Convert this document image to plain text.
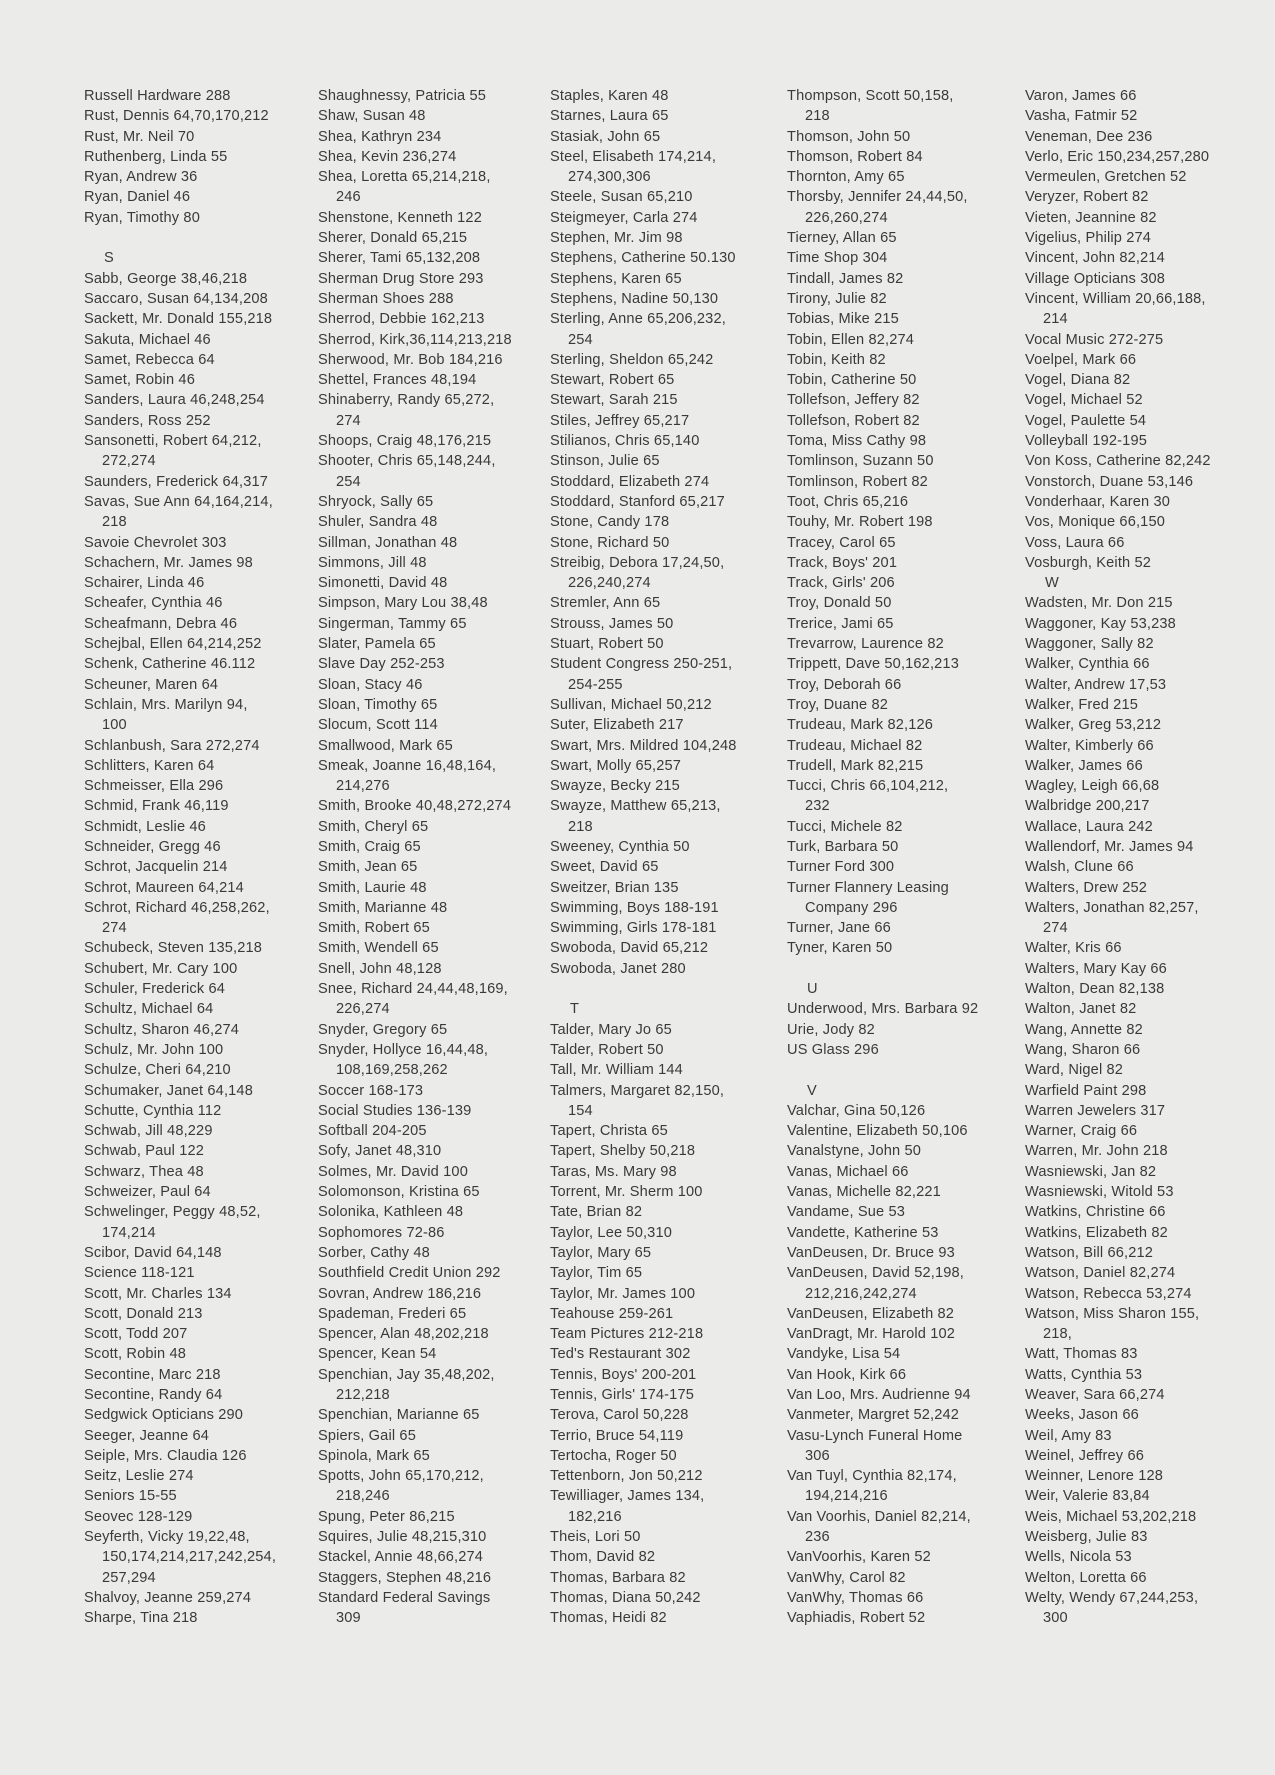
Russell Hardware 288
Rust, Dennis 64,70,170,212
Rust, Mr. Neil 70
Ruthenberg, Linda 55
Ryan, Andrew 36
Ryan, Daniel 46
Ryan, Timothy 80
S
Sabb, George 38,46,218
Saccaro, Susan 64,134,208
Sackett, Mr. Donald 155,218
Sakuta, Michael 46
Samet, Rebecca 64
Samet, Robin 46
Sanders, Laura 46,248,254
Sanders, Ross 252
Sansonetti, Robert 64,212,
272,274
Saunders, Frederick 64,317
Savas, Sue Ann 64,164,214,
218
Savoie Chevrolet 303
Schachern, Mr. James 98
Schairer, Linda 46
Scheafer, Cynthia 46
Scheafmann, Debra 46
Schejbal, Ellen 64,214,252
Schenk, Catherine 46.112
Scheuner, Maren 64
Schlain, Mrs. Marilyn 94,
100
Schlanbush, Sara 272,274
Schlitters, Karen 64
Schmeisser, Ella 296
Schmid, Frank 46,119
Schmidt, Leslie 46
Schneider, Gregg 46
Schrot, Jacquelin 214
Schrot, Maureen 64,214
Schrot, Richard 46,258,262,
274
Schubeck, Steven 135,218
Schubert, Mr. Cary 100
Schuler, Frederick 64
Schultz, Michael 64
Schultz, Sharon 46,274
Schulz, Mr. John 100
Schulze, Cheri 64,210
Schumaker, Janet 64,148
Schutte, Cynthia 112
Schwab, Jill 48,229
Schwab, Paul 122
Schwarz, Thea 48
Schweizer, Paul 64
Schwelinger, Peggy 48,52,
174,214
Scibor, David 64,148
Science 118-121
Scott, Mr. Charles 134
Scott, Donald 213
Scott, Todd 207
Scott, Robin 48
Secontine, Marc 218
Secontine, Randy 64
Sedgwick Opticians 290
Seeger, Jeanne 64
Seiple, Mrs. Claudia 126
Seitz, Leslie 274
Seniors 15-55
Seovec 128-129
Seyferth, Vicky 19,22,48,
150,174,214,217,242,254,
257,294
Shalvoy, Jeanne 259,274
Sharpe, Tina 218
Shaughnessy, Patricia 55
Shaw, Susan 48
Shea, Kathryn 234
Shea, Kevin 236,274
Shea, Loretta 65,214,218,
246
Shenstone, Kenneth 122
Sherer, Donald 65,215
Sherer, Tami 65,132,208
Sherman Drug Store 293
Sherman Shoes 288
Sherrod, Debbie 162,213
Sherrod, Kirk,36,114,213,218
Sherwood, Mr. Bob 184,216
Shettel, Frances 48,194
Shinaberry, Randy 65,272,
274
Shoops, Craig 48,176,215
Shooter, Chris 65,148,244,
254
Shryock, Sally 65
Shuler, Sandra 48
Sillman, Jonathan 48
Simmons, Jill 48
Simonetti, David 48
Simpson, Mary Lou 38,48
Singerman, Tammy 65
Slater, Pamela 65
Slave Day 252-253
Sloan, Stacy 46
Sloan, Timothy 65
Slocum, Scott 114
Smallwood, Mark 65
Smeak, Joanne 16,48,164,
214,276
Smith, Brooke 40,48,272,274
Smith, Cheryl 65
Smith, Craig 65
Smith, Jean 65
Smith, Laurie 48
Smith, Marianne 48
Smith, Robert 65
Smith, Wendell 65
Snell, John 48,128
Snee, Richard 24,44,48,169,
226,274
Snyder, Gregory 65
Snyder, Hollyce 16,44,48,
108,169,258,262
Soccer 168-173
Social Studies 136-139
Softball 204-205
Sofy, Janet 48,310
Solmes, Mr. David 100
Solomonson, Kristina 65
Solonika, Kathleen 48
Sophomores 72-86
Sorber, Cathy 48
Southfield Credit Union 292
Sovran, Andrew 186,216
Spademan, Frederi 65
Spencer, Alan 48,202,218
Spencer, Kean 54
Spenchian, Jay 35,48,202,
212,218
Spenchian, Marianne 65
Spiers, Gail 65
Spinola, Mark 65
Spotts, John 65,170,212,
218,246
Spung, Peter 86,215
Squires, Julie 48,215,310
Stackel, Annie 48,66,274
Staggers, Stephen 48,216
Standard Federal Savings
309
Staples, Karen 48
Starnes, Laura 65
Stasiak, John 65
Steel, Elisabeth 174,214,
274,300,306
Steele, Susan 65,210
Steigmeyer, Carla 274
Stephen, Mr. Jim 98
Stephens, Catherine 50.130
Stephens, Karen 65
Stephens, Nadine 50,130
Sterling, Anne 65,206,232,
254
Sterling, Sheldon 65,242
Stewart, Robert 65
Stewart, Sarah 215
Stiles, Jeffrey 65,217
Stilianos, Chris 65,140
Stinson, Julie 65
Stoddard, Elizabeth 274
Stoddard, Stanford 65,217
Stone, Candy 178
Stone, Richard 50
Streibig, Debora 17,24,50,
226,240,274
Stremler, Ann 65
Strouss, James 50
Stuart, Robert 50
Student Congress 250-251,
254-255
Sullivan, Michael 50,212
Suter, Elizabeth 217
Swart, Mrs. Mildred 104,248
Swart, Molly 65,257
Swayze, Becky 215
Swayze, Matthew 65,213,
218
Sweeney, Cynthia 50
Sweet, David 65
Sweitzer, Brian 135
Swimming, Boys 188-191
Swimming, Girls 178-181
Swoboda, David 65,212
Swoboda, Janet 280
T
Talder, Mary Jo 65
Talder, Robert 50
Tall, Mr. William 144
Talmers, Margaret 82,150,
154
Tapert, Christa 65
Tapert, Shelby 50,218
Taras, Ms. Mary 98
Torrent, Mr. Sherm 100
Tate, Brian 82
Taylor, Lee 50,310
Taylor, Mary 65
Taylor, Tim 65
Taylor, Mr. James 100
Teahouse 259-261
Team Pictures 212-218
Ted's Restaurant 302
Tennis, Boys' 200-201
Tennis, Girls' 174-175
Terova, Carol 50,228
Terrio, Bruce 54,119
Tertocha, Roger 50
Tettenborn, Jon 50,212
Tewilliager, James 134,
182,216
Theis, Lori 50
Thom, David 82
Thomas, Barbara 82
Thomas, Diana 50,242
Thomas, Heidi 82
Thompson, Scott 50,158,
218
Thomson, John 50
Thomson, Robert 84
Thornton, Amy 65
Thorsby, Jennifer 24,44,50,
226,260,274
Tierney, Allan 65
Time Shop 304
Tindall, James 82
Tirony, Julie 82
Tobias, Mike 215
Tobin, Ellen 82,274
Tobin, Keith 82
Tobin, Catherine 50
Tollefson, Jeffery 82
Tollefson, Robert 82
Toma, Miss Cathy 98
Tomlinson, Suzann 50
Tomlinson, Robert 82
Toot, Chris 65,216
Touhy, Mr. Robert 198
Tracey, Carol 65
Track, Boys' 201
Track, Girls' 206
Troy, Donald 50
Trerice, Jami 65
Trevarrow, Laurence 82
Trippett, Dave 50,162,213
Troy, Deborah 66
Troy, Duane 82
Trudeau, Mark 82,126
Trudeau, Michael 82
Trudell, Mark 82,215
Tucci, Chris 66,104,212,
232
Tucci, Michele 82
Turk, Barbara 50
Turner Ford 300
Turner Flannery Leasing
Company 296
Turner, Jane 66
Tyner, Karen 50
U
Underwood, Mrs. Barbara 92
Urie, Jody 82
US Glass 296
V
Valchar, Gina 50,126
Valentine, Elizabeth 50,106
Vanalstyne, John 50
Vanas, Michael 66
Vanas, Michelle 82,221
Vandame, Sue 53
Vandette, Katherine 53
VanDeusen, Dr. Bruce 93
VanDeusen, David 52,198,
212,216,242,274
VanDeusen, Elizabeth 82
VanDragt, Mr. Harold 102
Vandyke, Lisa 54
Van Hook, Kirk 66
Van Loo, Mrs. Audrienne 94
Vanmeter, Margret 52,242
Vasu-Lynch Funeral Home
306
Van Tuyl, Cynthia 82,174,
194,214,216
Van Voorhis, Daniel 82,214,
236
VanVoorhis, Karen 52
VanWhy, Carol 82
VanWhy, Thomas 66
Vaphiadis, Robert 52
Varon, James 66
Vasha, Fatmir 52
Veneman, Dee 236
Verlo, Eric 150,234,257,280
Vermeulen, Gretchen 52
Veryzer, Robert 82
Vieten, Jeannine 82
Vigelius, Philip 274
Vincent, John 82,214
Village Opticians 308
Vincent, William 20,66,188,
214
Vocal Music 272-275
Voelpel, Mark 66
Vogel, Diana 82
Vogel, Michael 52
Vogel, Paulette 54
Volleyball 192-195
Von Koss, Catherine 82,242
Vonstorch, Duane 53,146
Vonderhaar, Karen 30
Vos, Monique 66,150
Voss, Laura 66
Vosburgh, Keith 52
W
Wadsten, Mr. Don 215
Waggoner, Kay 53,238
Waggoner, Sally 82
Walker, Cynthia 66
Walter, Andrew 17,53
Walker, Fred 215
Walker, Greg 53,212
Walter, Kimberly 66
Walker, James 66
Wagley, Leigh 66,68
Walbridge 200,217
Wallace, Laura 242
Wallendorf, Mr. James 94
Walsh, Clune 66
Walters, Drew 252
Walters, Jonathan 82,257,
274
Walter, Kris 66
Walters, Mary Kay 66
Walton, Dean 82,138
Walton, Janet 82
Wang, Annette 82
Wang, Sharon 66
Ward, Nigel 82
Warfield Paint 298
Warren Jewelers 317
Warner, Craig 66
Warren, Mr. John 218
Wasniewski, Jan 82
Wasniewski, Witold 53
Watkins, Christine 66
Watkins, Elizabeth 82
Watson, Bill 66,212
Watson, Daniel 82,274
Watson, Rebecca 53,274
Watson, Miss Sharon 155,
218,
Watt, Thomas 83
Watts, Cynthia 53
Weaver, Sara 66,274
Weeks, Jason 66
Weil, Amy 83
Weinel, Jeffrey 66
Weinner, Lenore 128
Weir, Valerie 83,84
Weis, Michael 53,202,218
Weisberg, Julie 83
Wells, Nicola 53
Welton, Loretta 66
Welty, Wendy 67,244,253,
300
